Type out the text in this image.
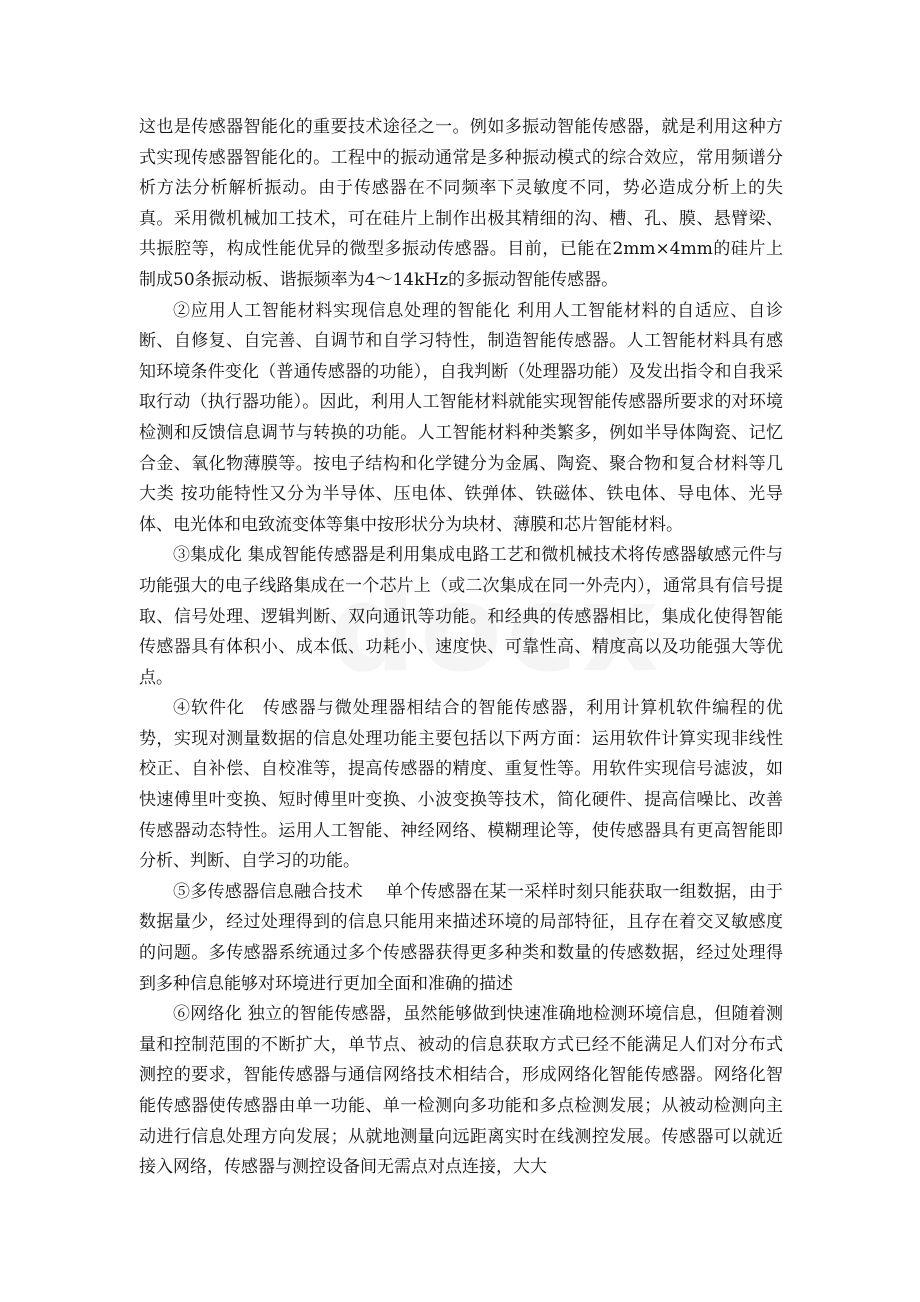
这也是传感器智能化的重要技术途径之一。例如多振动智能传感器，就是利用这种方式实现传感器智能化的。工程中的振动通常是多种振动模式的综合效应，常用频谱分析方法分析解析振动。由于传感器在不同频率下灵敏度不同，势必造成分析上的失真。采用微机械加工技术，可在硅片上制作出极其精细的沟、槽、孔、膜、悬臂梁、共振腔等，构成性能优异的微型多振动传感器。目前，已能在2mm×4mm的硅片上制成50条振动板、谐振频率为4～14kHz的多振动智能传感器。

②应用人工智能材料实现信息处理的智能化 利用人工智能材料的自适应、自诊断、自修复、自完善、自调节和自学习特性，制造智能传感器。人工智能材料具有感知环境条件变化（普通传感器的功能），自我判断（处理器功能）及发出指令和自我采取行动（执行器功能）。因此，利用人工智能材料就能实现智能传感器所要求的对环境检测和反馈信息调节与转换的功能。人工智能材料种类繁多，例如半导体陶瓷、记忆合金、氧化物薄膜等。按电子结构和化学键分为金属、陶瓷、聚合物和复合材料等几大类 按功能特性又分为半导体、压电体、铁弹体、铁磁体、铁电体、导电体、光导体、电光体和电致流变体等集中按形状分为块材、薄膜和芯片智能材料。

③集成化 集成智能传感器是利用集成电路工艺和微机械技术将传感器敏感元件与功能强大的电子线路集成在一个芯片上（或二次集成在同一外壳内），通常具有信号提取、信号处理、逻辑判断、双向通讯等功能。和经典的传感器相比，集成化使得智能传感器具有体积小、成本低、功耗小、速度快、可靠性高、精度高以及功能强大等优点。

④软件化　传感器与微处理器相结合的智能传感器，利用计算机软件编程的优势，实现对测量数据的信息处理功能主要包括以下两方面：运用软件计算实现非线性校正、自补偿、自校准等，提高传感器的精度、重复性等。用软件实现信号滤波，如快速傅里叶变换、短时傅里叶变换、小波变换等技术，简化硬件、提高信噪比、改善传感器动态特性。运用人工智能、神经网络、模糊理论等，使传感器具有更高智能即分析、判断、自学习的功能。

⑤多传感器信息融合技术　 单个传感器在某一采样时刻只能获取一组数据，由于数据量少，经过处理得到的信息只能用来描述环境的局部特征，且存在着交叉敏感度的问题。多传感器系统通过多个传感器获得更多种类和数量的传感数据，经过处理得到多种信息能够对环境进行更加全面和准确的描述

⑥网络化 独立的智能传感器，虽然能够做到快速准确地检测环境信息，但随着测量和控制范围的不断扩大，单节点、被动的信息获取方式已经不能满足人们对分布式测控的要求，智能传感器与通信网络技术相结合，形成网络化智能传感器。网络化智能传感器使传感器由单一功能、单一检测向多功能和多点检测发展；从被动检测向主动进行信息处理方向发展；从就地测量向远距离实时在线测控发展。传感器可以就近接入网络，传感器与测控设备间无需点对点连接，大大
